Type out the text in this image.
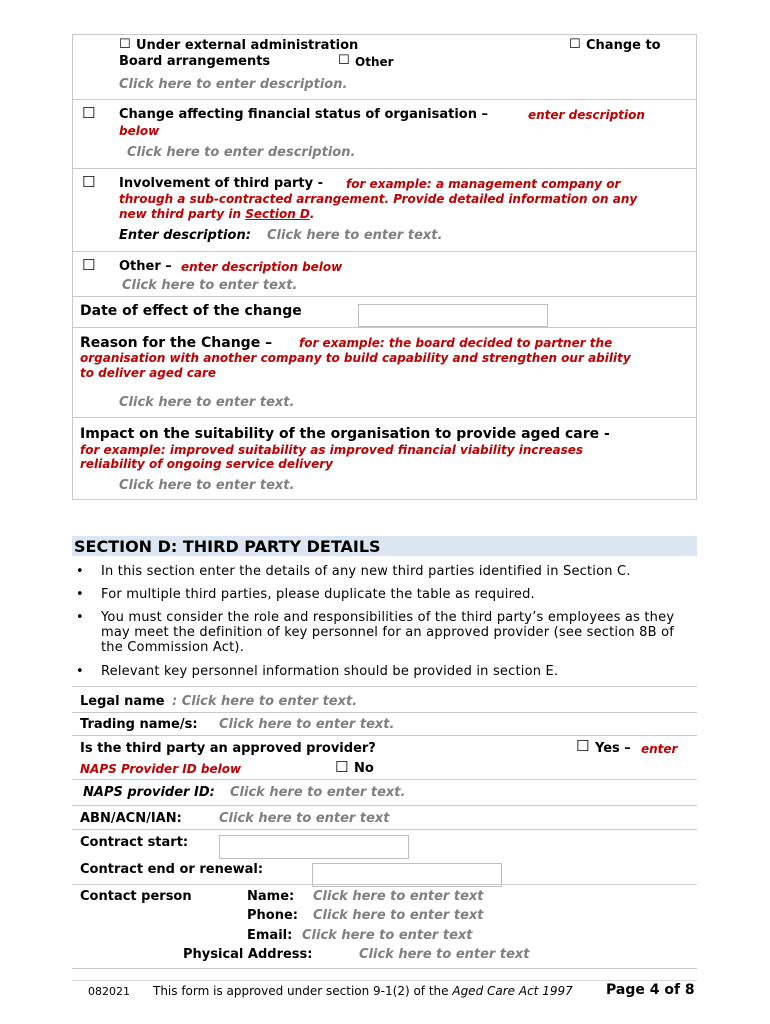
☐ Under external administration
Board arrangements	☐ Other
☐ Change to
Click here to enter description.
☐ Change affecting financial status of organisation –	enter description
below
Click here to enter description.
☐ Involvement of third party - for example: a management company or
through a sub-contracted arrangement. Provide detailed information on any
new third party in Section D.
Enter description: Click here to enter text.
☐ Other – enter description below
Click here to enter text.
Date of effect of the change
Reason for the Change – for example: the board decided to partner the
organisation with another company to build capability and strengthen our ability
to deliver aged care
Click here to enter text.
Impact on the suitability of the organisation to provide aged care -
for example: improved suitability as improved financial viability increases
reliability of ongoing service delivery
Click here to enter text.
SECTION D: THIRD PARTY DETAILS
• In this section enter the details of any new third parties identified in Section C.
• For multiple third parties, please duplicate the table as required.
• You must consider the role and responsibilities of the third party’s employees as they may meet the definition of key personnel for an approved provider (see section 8B of the Commission Act).
• Relevant key personnel information should be provided in section E.
Legal name : Click here to enter text.
Trading name/s: Click here to enter text.
Is the third party an approved provider?	☐ Yes – enter
NAPS Provider ID below	☐ No
NAPS provider ID: Click here to enter text.
ABN/ACN/IAN:	Click here to enter text
Contract start:
Contract end or renewal:
Contact person	Name: Click here to enter text
Phone: Click here to enter text
Email: Click here to enter text
Physical Address:	Click here to enter text
082021 This form is approved under section 9-1(2) of the Aged Care Act 1997 Page 4 of 8
